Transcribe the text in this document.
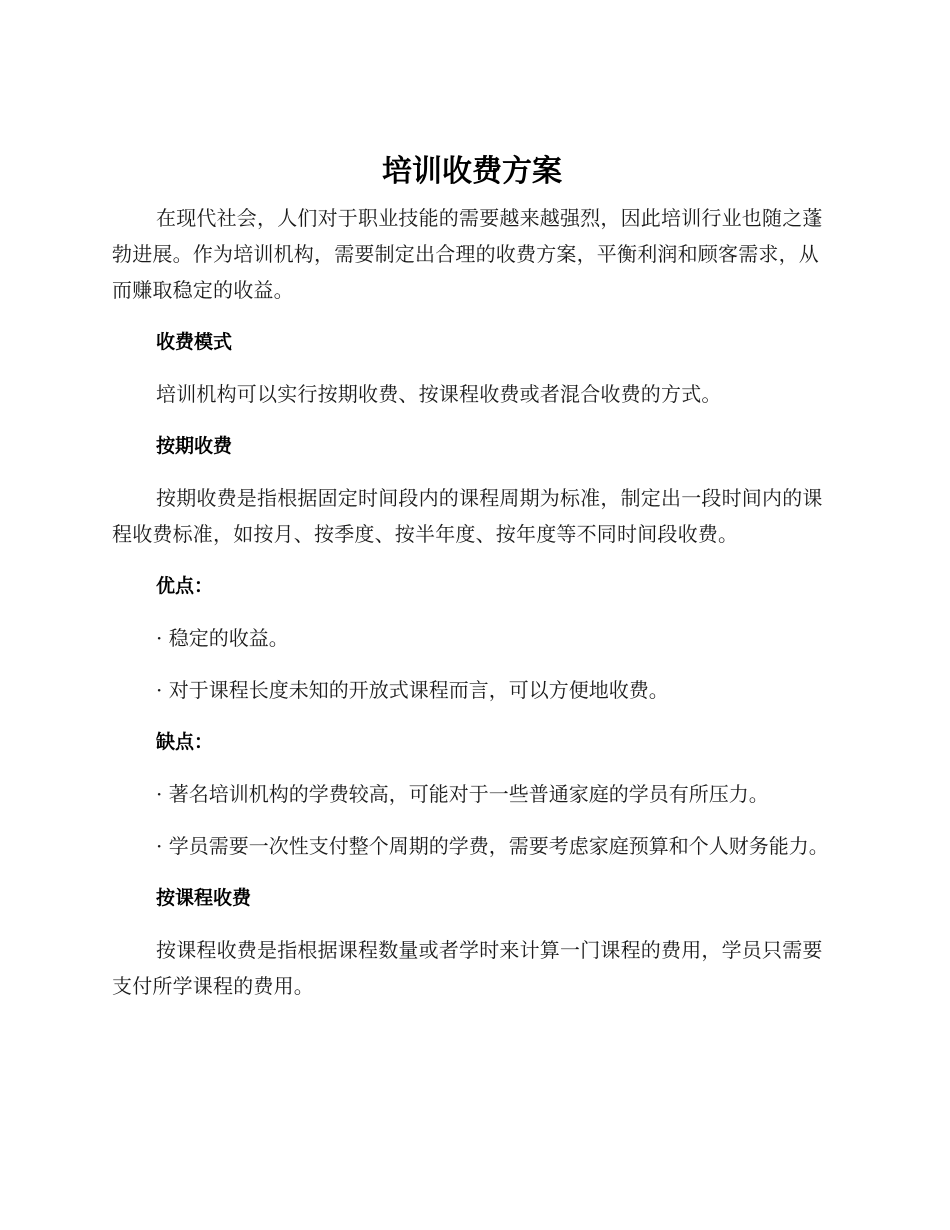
培训收费方案

在现代社会，人们对于职业技能的需要越来越强烈，因此培训行业也随之蓬勃进展。作为培训机构，需要制定出合理的收费方案，平衡利润和顾客需求，从而赚取稳定的收益。

收费模式

培训机构可以实行按期收费、按课程收费或者混合收费的方式。

按期收费

按期收费是指根据固定时间段内的课程周期为标准，制定出一段时间内的课程收费标准，如按月、按季度、按半年度、按年度等不同时间段收费。

优点：

· 稳定的收益。

· 对于课程长度未知的开放式课程而言，可以方便地收费。

缺点：

· 著名培训机构的学费较高，可能对于一些普通家庭的学员有所压力。

· 学员需要一次性支付整个周期的学费，需要考虑家庭预算和个人财务能力。

按课程收费

按课程收费是指根据课程数量或者学时来计算一门课程的费用，学员只需要支付所学课程的费用。
